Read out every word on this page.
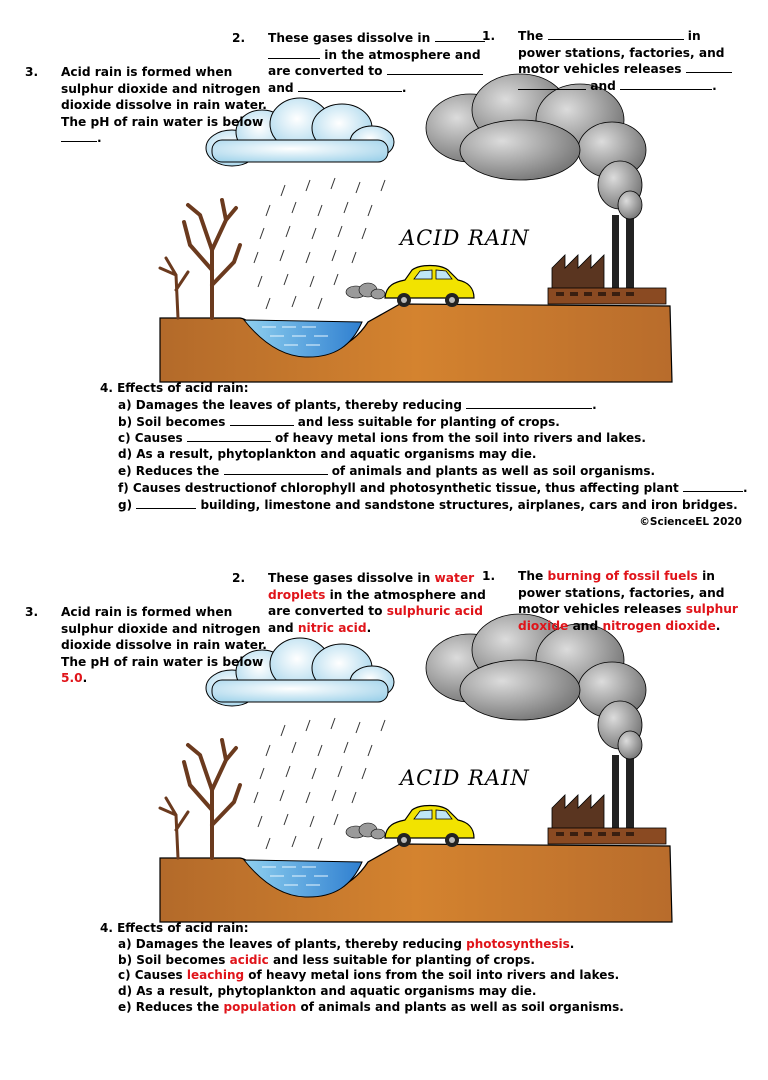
3. Acid rain is formed when
sulphur dioxide and nitrogen
dioxide dissolve in rain water.
The pH of rain water is below
.
2. These gases dissolve in
in the atmosphere and
are converted to
and	.
1. The	in
power stations, factories, and
motor vehicles releases
and	.
ACID RAIN
4. Effects of acid rain:
a) Damages the leaves of plants, thereby reducing	.
b) Soil becomes	and less suitable for planting of crops.
c) Causes	of heavy metal ions from the soil into rivers and lakes.
d) As a result, phytoplankton and aquatic organisms may die.
e) Reduces the	of animals and plants as well as soil organisms.
f) Causes destructionof chlorophyll and photosynthetic tissue, thus affecting plant	.
g)	building, limestone and sandstone structures, airplanes, cars and iron bridges.
©ScienceEL 2020
3. Acid rain is formed when
sulphur dioxide and nitrogen
dioxide dissolve in rain water.
The pH of rain water is below
5.0.
2. These gases dissolve in water
droplets in the atmosphere and
are converted to sulphuric acid
and nitric acid.
1. The burning of fossil fuels in
power stations, factories, and
motor vehicles releases sulphur
dioxide and nitrogen dioxide.
ACID RAIN
4. Effects of acid rain:
a) Damages the leaves of plants, thereby reducing photosynthesis.
b) Soil becomes acidic and less suitable for planting of crops.
c) Causes leaching of heavy metal ions from the soil into rivers and lakes.
d) As a result, phytoplankton and aquatic organisms may die.
e) Reduces the population of animals and plants as well as soil organisms.
